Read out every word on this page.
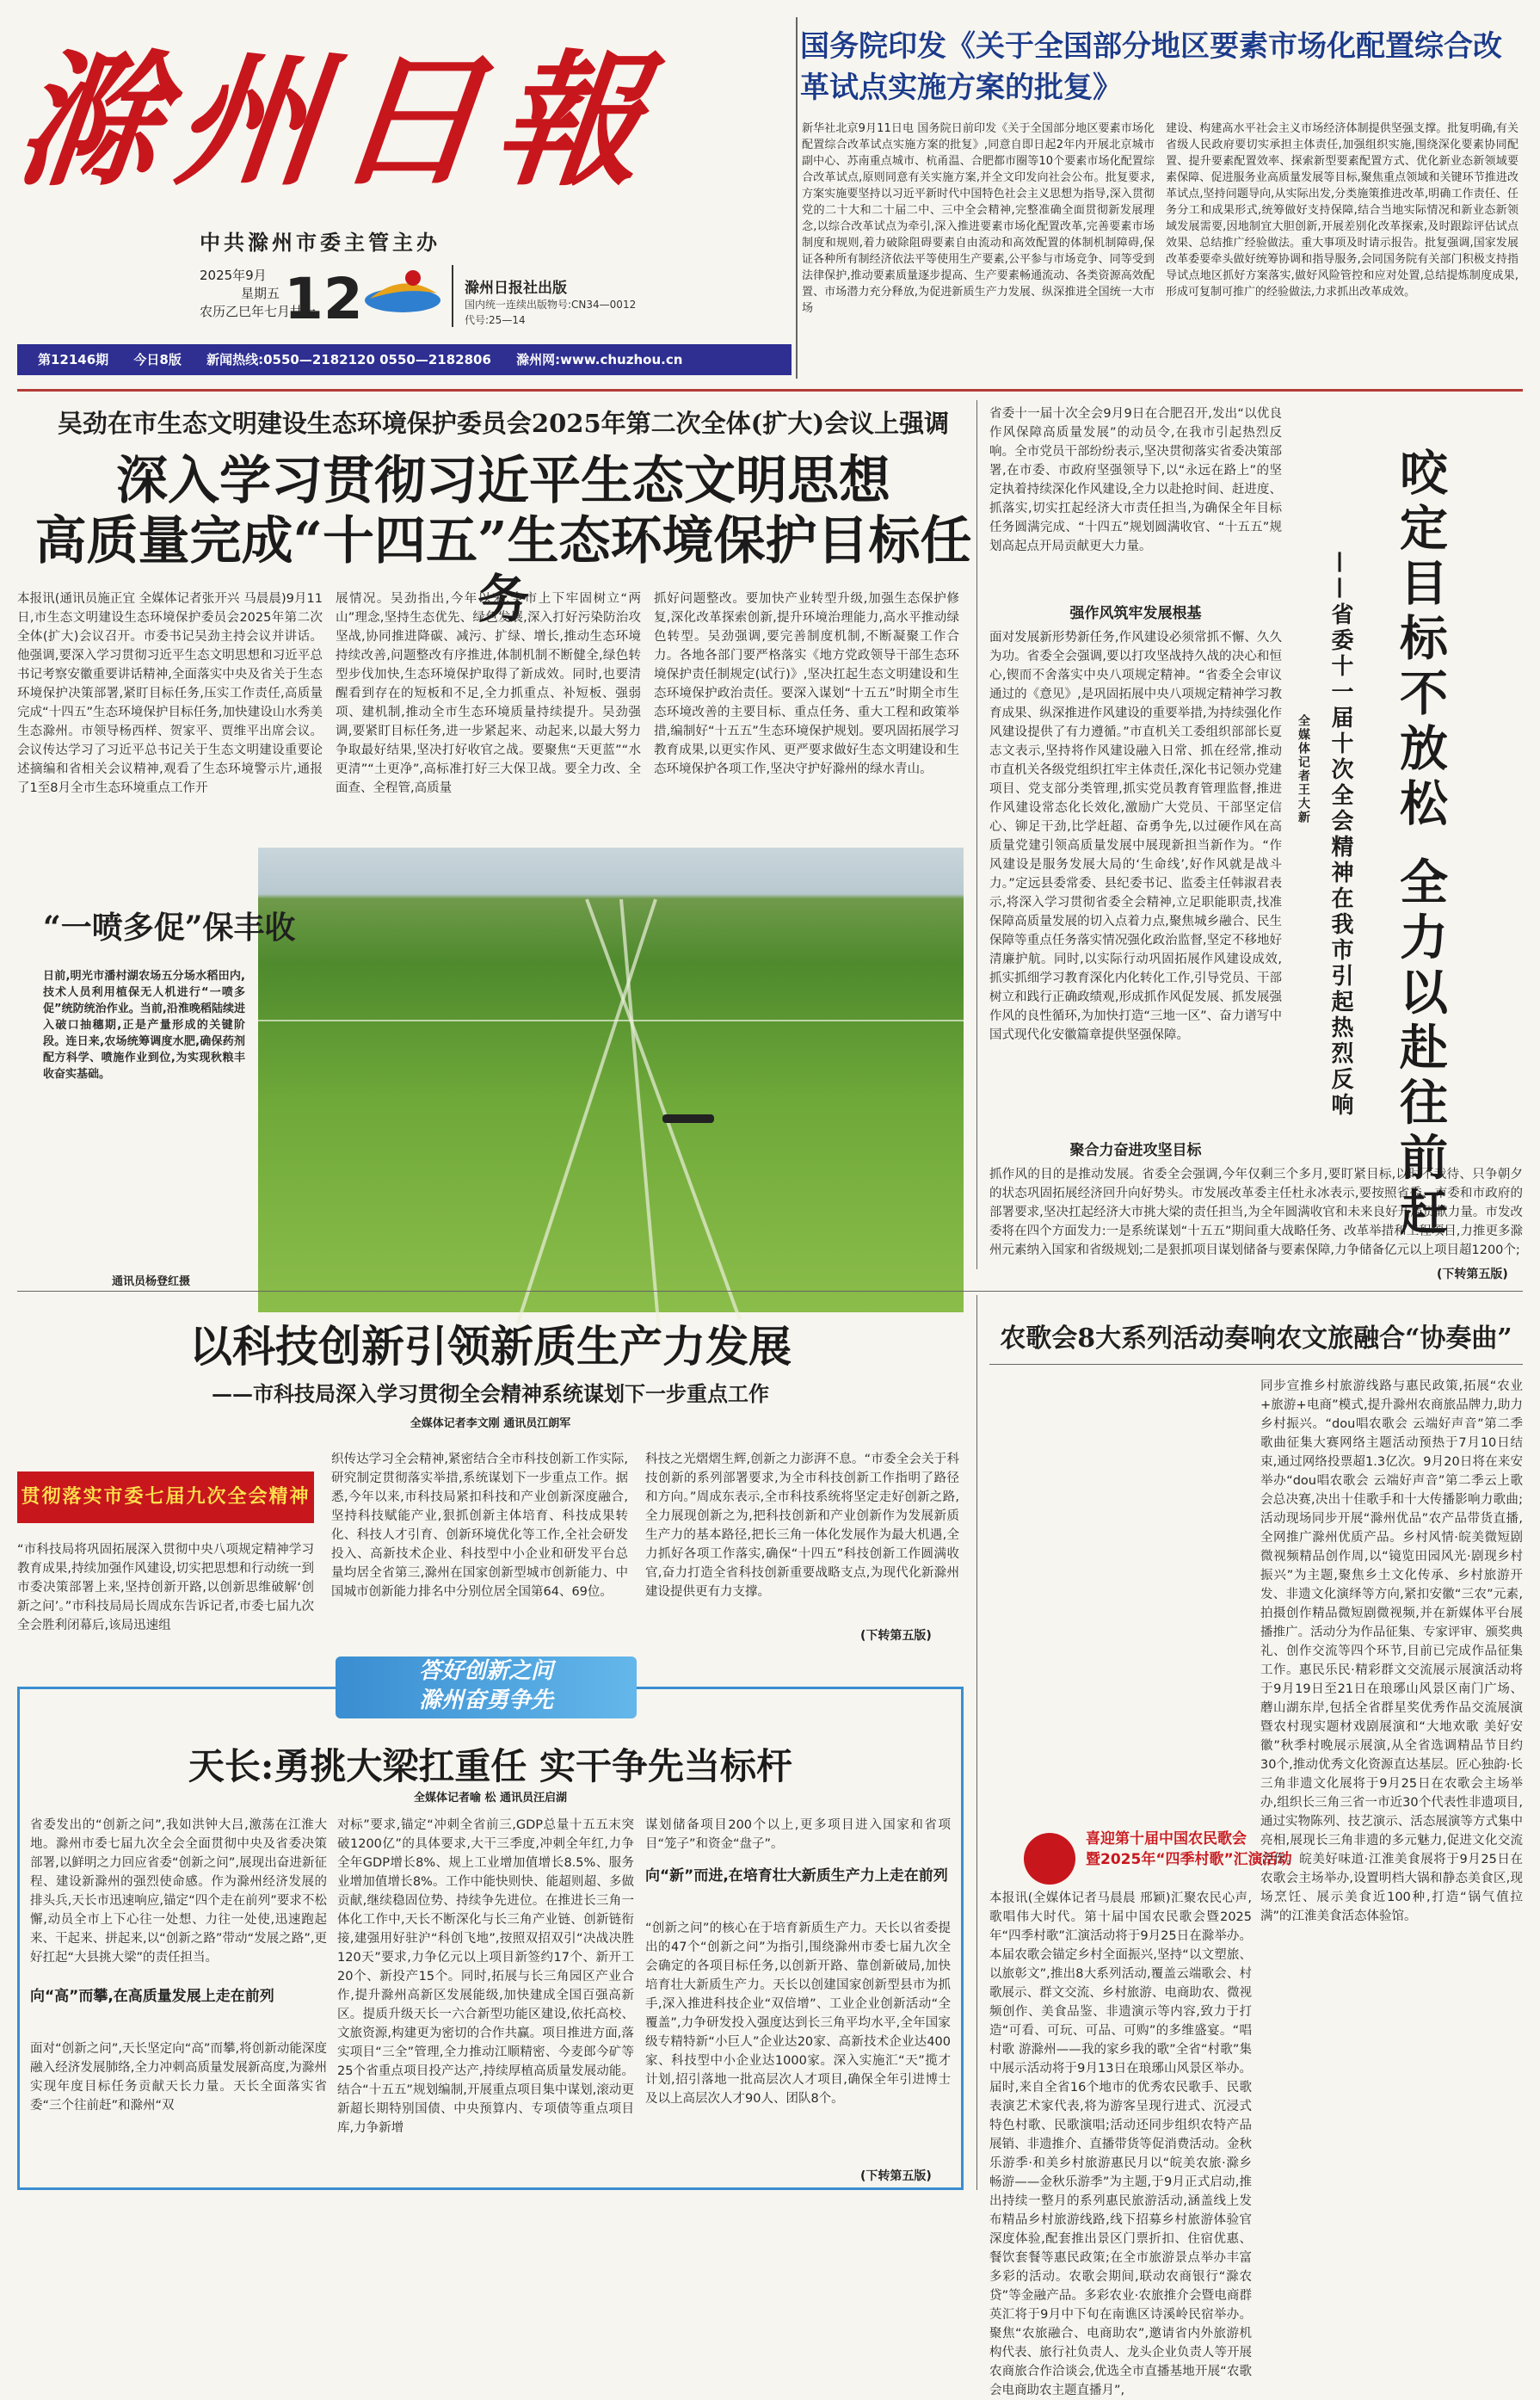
滁州日報
中共滁州市委主管主办
2025年9月
星期五
农历乙巳年七月廿一
12	滁州日报社出版
国内统一连续出版物号:CN34—0012
代号:25—14
第12146期 今日8版 新闻热线:0550—2182120 0550—2182806 滁州网:www.chuzhou.cn
国务院印发《关于全国部分地区要素市场化配置综合改革试点实施方案的批复》
新华社北京9月11日电 国务院日前印发《关于全国部分地区要素市场化配置综合改革试点实施方案的批复》,同意自即日起2年内开展北京城市副中心、苏南重点城市、杭甬温、合肥都市圈等10个要素市场化配置综合改革试点,原则同意有关实施方案,并全文印发向社会公布。批复要求,方案实施要坚持以习近平新时代中国特色社会主义思想为指导,深入贯彻党的二十大和二十届二中、三中全会精神,完整准确全面贯彻新发展理念,以综合改革试点为牵引,深入推进要素市场化配置改革,完善要素市场制度和规则,着力破除阻碍要素自由流动和高效配置的体制机制障碍,保证各种所有制经济依法平等使用生产要素,公平参与市场竞争、同等受到法律保护,推动要素质量逐步提高、生产要素畅通流动、各类资源高效配置、市场潜力充分释放,为促进新质生产力发展、纵深推进全国统一大市场
建设、构建高水平社会主义市场经济体制提供坚强支撑。批复明确,有关省级人民政府要切实承担主体责任,加强组织实施,围绕深化要素协同配置、提升要素配置效率、探索新型要素配置方式、优化新业态新领域要素保障、促进服务业高质量发展等目标,聚焦重点领域和关键环节推进改革试点,坚持问题导向,从实际出发,分类施策推进改革,明确工作责任、任务分工和成果形式,统筹做好支持保障,结合当地实际情况和新业态新领域发展需要,因地制宜大胆创新,开展差别化改革探索,及时跟踪评估试点效果、总结推广经验做法。重大事项及时请示报告。批复强调,国家发展改革委要牵头做好统筹协调和指导服务,会同国务院有关部门积极支持指导试点地区抓好方案落实,做好风险管控和应对处置,总结提炼制度成果,形成可复制可推广的经验做法,力求抓出改革成效。
吴劲在市生态文明建设生态环境保护委员会2025年第二次全体(扩大)会议上强调
深入学习贯彻习近平生态文明思想
高质量完成“十四五”生态环境保护目标任务
本报讯(通讯员施正宜 全媒体记者张开兴 马晨晨)9月11日,市生态文明建设生态环境保护委员会2025年第二次全体(扩大)会议召开。市委书记吴劲主持会议并讲话。他强调,要深入学习贯彻习近平生态文明思想和习近平总书记考察安徽重要讲话精神,全面落实中央及省关于生态环境保护决策部署,紧盯目标任务,压实工作责任,高质量完成“十四五”生态环境保护目标任务,加快建设山水秀美生态滁州。市领导杨西样、贺家平、贾维平出席会议。会议传达学习了习近平总书记关于生态文明建设重要论述摘编和省相关会议精神,观看了生态环境警示片,通报了1至8月全市生态环境重点工作开
展情况。吴劲指出,今年以来,全市上下牢固树立“两山”理念,坚持生态优先、绿色发展,深入打好污染防治攻坚战,协同推进降碳、减污、扩绿、增长,推动生态环境持续改善,问题整改有序推进,体制机制不断健全,绿色转型步伐加快,生态环境保护取得了新成效。同时,也要清醒看到存在的短板和不足,全力抓重点、补短板、强弱项、建机制,推动全市生态环境质量持续提升。吴劲强调,要紧盯目标任务,进一步紧起来、动起来,以最大努力争取最好结果,坚决打好收官之战。要聚焦“天更蓝”“水更清”“土更净”,高标准打好三大保卫战。要全力改、全面查、全程管,高质量
抓好问题整改。要加快产业转型升级,加强生态保护修复,深化改革探索创新,提升环境治理能力,高水平推动绿色转型。吴劲强调,要完善制度机制,不断凝聚工作合力。各地各部门要严格落实《地方党政领导干部生态环境保护责任制规定(试行)》,坚决扛起生态文明建设和生态环境保护政治责任。要深入谋划“十五五”时期全市生态环境改善的主要目标、重点任务、重大工程和政策举措,编制好“十五五”生态环境保护规划。要巩固拓展学习教育成果,以更实作风、更严要求做好生态文明建设和生态环境保护各项工作,坚决守护好滁州的绿水青山。
“一喷多促”保丰收
日前,明光市潘村湖农场五分场水稻田内,技术人员利用植保无人机进行“一喷多促”统防统治作业。当前,沿淮晚稻陆续进入破口抽穗期,正是产量形成的关键阶段。连日来,农场统筹调度水肥,确保药剂配方科学、喷施作业到位,为实现秋粮丰收奋实基础。
通讯员杨登红摄
省委十一届十次全会9月9日在合肥召开,发出“以优良作风保障高质量发展”的动员令,在我市引起热烈反响。全市党员干部纷纷表示,坚决贯彻落实省委决策部署,在市委、市政府坚强领导下,以“永远在路上”的坚定执着持续深化作风建设,全力以赴抢时间、赶进度、抓落实,切实扛起经济大市责任担当,为确保全年目标任务圆满完成、“十四五”规划圆满收官、“十五五”规划高起点开局贡献更大力量。
强作风筑牢发展根基
面对发展新形势新任务,作风建设必须常抓不懈、久久为功。省委全会强调,要以打攻坚战持久战的决心和恒心,锲而不舍落实中央八项规定精神。“省委全会审议通过的《意见》,是巩固拓展中央八项规定精神学习教育成果、纵深推进作风建设的重要举措,为持续强化作风建设提供了有力遵循。”市直机关工委组织部部长夏志文表示,坚持将作风建设融入日常、抓在经常,推动市直机关各级党组织扛牢主体责任,深化书记领办党建项目、党支部分类管理,抓实党员教育管理监督,推进作风建设常态化长效化,激励广大党员、干部坚定信心、铆足干劲,比学赶超、奋勇争先,以过硬作风在高质量党建引领高质量发展中展现新担当新作为。“作风建设是服务发展大局的‘生命线’,好作风就是战斗力。”定远县委常委、县纪委书记、监委主任韩淑君表示,将深入学习贯彻省委全会精神,立足职能职责,找准保障高质量发展的切入点着力点,聚焦城乡融合、民生保障等重点任务落实情况强化政治监督,坚定不移地好清廉护航。同时,以实际行动巩固拓展作风建设成效,抓实抓细学习教育深化内化转化工作,引导党员、干部树立和践行正确政绩观,形成抓作风促发展、抓发展强作风的良性循环,为加快打造“三地一区”、奋力谱写中国式现代化安徽篇章提供坚强保障。
聚合力奋进攻坚目标
抓作风的目的是推动发展。省委全会强调,今年仅剩三个多月,要盯紧目标,以时不我待、只争朝夕的状态巩固拓展经济回升向好势头。市发展改革委主任杜永冰表示,要按照省委、市委和市政府的部署要求,坚决扛起经济大市挑大梁的责任担当,为全年圆满收官和未来良好开局贡献力量。市发改委将在四个方面发力:一是系统谋划“十五五”期间重大战略任务、改革举措和工程项目,力推更多滁州元素纳入国家和省级规划;二是狠抓项目谋划储备与要素保障,力争储备亿元以上项目超1200个;
(下转第五版)
咬定目标不放松 全力以赴往前赶
——省委十一届十次全会精神在我市引起热烈反响
全媒体记者王大新
以科技创新引领新质生产力发展
——市科技局深入学习贯彻全会精神系统谋划下一步重点工作
全媒体记者李文刚 通讯员江朗军
贯彻落实市委七届九次全会精神
“市科技局将巩固拓展深入贯彻中央八项规定精神学习教育成果,持续加强作风建设,切实把思想和行动统一到市委决策部署上来,坚持创新开路,以创新思维破解‘创新之问’。”市科技局局长周成东告诉记者,市委七届九次全会胜利闭幕后,该局迅速组
织传达学习全会精神,紧密结合全市科技创新工作实际,研究制定贯彻落实举措,系统谋划下一步重点工作。据悉,今年以来,市科技局紧扣科技和产业创新深度融合,坚持科技赋能产业,狠抓创新主体培育、科技成果转化、科技人才引育、创新环境优化等工作,全社会研发投入、高新技术企业、科技型中小企业和研发平台总量均居全省第三,滁州在国家创新型城市创新能力、中国城市创新能力排名中分别位居全国第64、69位。
科技之光熠熠生辉,创新之力澎湃不息。“市委全会关于科技创新的系列部署要求,为全市科技创新工作指明了路径和方向。”周成东表示,全市科技系统将坚定走好创新之路,全力展现创新之为,把科技创新和产业创新作为发展新质生产力的基本路径,把长三角一体化发展作为最大机遇,全力抓好各项工作落实,确保“十四五”科技创新工作圆满收官,奋力打造全省科技创新重要战略支点,为现代化新滁州建设提供更有力支撑。
(下转第五版)
答好创新之问
滁州奋勇争先
天长:勇挑大梁扛重任 实干争先当标杆
全媒体记者喻 松 通讯员汪启湖
省委发出的“创新之问”,我如洪钟大吕,激荡在江淮大地。滁州市委七届九次全会全面贯彻中央及省委决策部署,以鲜明之力回应省委“创新之问”,展现出奋进新征程、建设新滁州的强烈使命感。作为滁州经济发展的排头兵,天长市迅速响应,锚定“四个走在前列”要求不松懈,动员全市上下心往一处想、力往一处使,迅速跑起来、干起来、拼起来,以“创新之路”带动“发展之路”,更好扛起“大县挑大梁”的责任担当。
向“高”而攀,在高质量发展上走在前列
面对“创新之问”,天长坚定向“高”而攀,将创新动能深度融入经济发展肺络,全力冲刺高质量发展新高度,为滁州实现年度目标任务贡献天长力量。天长全面落实省委“三个往前赶”和滁州“双
对标”要求,锚定“冲刺全省前三,GDP总量十五五末突破1200亿”的具体要求,大干三季度,冲刺全年红,力争全年GDP增长8%、规上工业增加值增长8.5%、服务业增加值增长8%。工作中能快则快、能超则超、多做贡献,继续稳固位势、持续争先进位。在推进长三角一体化工作中,天长不断深化与长三角产业链、创新链衔接,建强用好驻沪“科创飞地”,按照双招双引“决战决胜120天”要求,力争亿元以上项目新签约17个、新开工20个、新投产15个。同时,拓展与长三角园区产业合作,提升滁州高新区发展能级,加快建成全国百强高新区。提质升级天长一六合新型功能区建设,依托高校、文旅资源,构建更为密切的合作共赢。项目推进方面,落实项目“三全”管理,全力推动江顺精密、今麦郎今矿等25个省重点项目投产达产,持续厚植高质量发展动能。结合“十五五”规划编制,开展重点项目集中谋划,滚动更新超长期特别国债、中央预算内、专项债等重点项目库,力争新增
谋划储备项目200个以上,更多项目进入国家和省项目“笼子”和资金“盘子”。
向“新”而进,在培育壮大新质生产力上走在前列
“创新之问”的核心在于培育新质生产力。天长以省委提出的47个“创新之问”为指引,围绕滁州市委七届九次全会确定的各项目标任务,以创新开路、靠创新破局,加快培育壮大新质生产力。天长以创建国家创新型县市为抓手,深入推进科技企业“双倍增”、工业企业创新活动“全覆盖”,力争研发投入强度达到长三角平均水平,全年国家级专精特新“小巨人”企业达20家、高新技术企业达400家、科技型中小企业达1000家。深入实施汇“天”揽才计划,招引落地一批高层次人才项目,确保全年引进博士及以上高层次人才90人、团队8个。
(下转第五版)
农歌会8大系列活动奏响农文旅融合“协奏曲”
喜迎第十届中国农民歌会
暨2025年“四季村歌”汇演活动
本报讯(全媒体记者马晨晨 邢颖)汇聚农民心声,歌唱伟大时代。第十届中国农民歌会暨2025年“四季村歌”汇演活动将于9月25日在滁举办。本届农歌会锚定乡村全面振兴,坚持“以文塑旅、以旅彰文”,推出8大系列活动,覆盖云端歌会、村歌展示、群文交流、乡村旅游、电商助农、微视频创作、美食品鉴、非遗演示等内容,致力于打造“可看、可玩、可品、可购”的多维盛宴。“唱村歌 游滁州——我的家乡我的歌”全省“村歌”集中展示活动将于9月13日在琅琊山风景区举办。届时,来自全省16个地市的优秀农民歌手、民歌表演艺术家代表,将为游客呈现行进式、沉浸式特色村歌、民歌演唱;活动还同步组织农特产品展销、非遗推介、直播带货等促消费活动。金秋乐游季·和美乡村旅游惠民月以“皖美农旅·滁乡畅游——金秋乐游季”为主题,于9月正式启动,推出持续一整月的系列惠民旅游活动,涵盖线上发布精品乡村旅游线路,线下招募乡村旅游体验官深度体验,配套推出景区门票折扣、住宿优惠、餐饮套餐等惠民政策;在全市旅游景点举办丰富多彩的活动。农歌会期间,联动农商银行“滁农贷”等金融产品。多彩农业·农旅推介会暨电商群英汇将于9月中下旬在南谯区诗溪岭民宿举办。聚焦“农旅融合、电商助农”,邀请省内外旅游机构代表、旅行社负责人、龙头企业负责人等开展农商旅合作洽谈会,优选全市直播基地开展“农歌会电商助农主题直播月”,
同步宣推乡村旅游线路与惠民政策,拓展“农业+旅游+电商”模式,提升滁州农商旅品牌力,助力乡村振兴。“dou唱农歌会 云端好声音”第二季歌曲征集大赛网络主题活动预热于7月10日结束,通过网络投票超1.3亿次。9月20日将在来安举办“dou唱农歌会 云端好声音”第二季云上歌会总决赛,决出十佳歌手和十大传播影响力歌曲;活动现场同步开展“滁州优品”农产品带货直播,全网推广滁州优质产品。乡村风情·皖美微短剧微视频精品创作周,以“镜览田园风光·剧现乡村振兴”为主题,聚焦乡土文化传承、乡村旅游开发、非遗文化演绎等方向,紧扣安徽“三农”元素,拍摄创作精品微短剧微视频,并在新媒体平台展播推广。活动分为作品征集、专家评审、颁奖典礼、创作交流等四个环节,目前已完成作品征集工作。惠民乐民·精彩群文交流展示展演活动将于9月19日至21日在琅琊山风景区南门广场、蘑山湖东岸,包括全省群星奖优秀作品交流展演暨农村现实题材戏剧展演和“大地欢歌 美好安徽”秋季村晚展示展演,从全省选调精品节目约30个,推动优秀文化资源直达基层。匠心独韵·长三角非遗文化展将于9月25日在农歌会主场举办,组织长三角三省一市近30个代表性非遗项目,通过实物陈列、技艺演示、活态展演等方式集中亮相,展现长三角非遗的多元魅力,促进文化交流合作。皖美好味道·江淮美食展将于9月25日在农歌会主场举办,设置明档大锅和静态美食区,现场烹饪、展示美食近100种,打造“锅气值拉满”的江淮美食活态体验馆。
